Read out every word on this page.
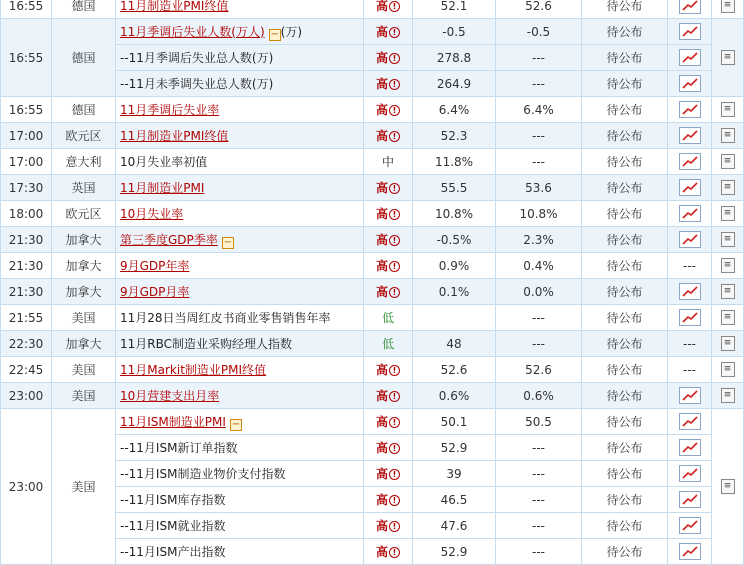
16:55	德国	11月制造业PMI终值	高 !	52.1	52.6	待公布		≡
16:55	德国	11月季调后失业人数(万人) − (万)	高 !	-0.5	-0.5	待公布		≡
		--11月季调后失业总人数(万)	高 !	278.8	---	待公布	

		--11月未季调失业总人数(万)	高 !	264.9	---	待公布	

16:55	德国	11月季调后失业率	高 !	6.4%	6.4%	待公布		≡
17:00	欧元区	11月制造业PMI终值	高 !	52.3	---	待公布		≡
17:00	意大利	10月失业率初值	中	11.8%	---	待公布		≡
17:30	英国	11月制造业PMI	高 !	55.5	53.6	待公布		≡
18:00	欧元区	10月失业率	高 !	10.8%	10.8%	待公布		≡
21:30	加拿大	第三季度GDP季率 −	高 !	-0.5%	2.3%	待公布		≡
21:30	加拿大	9月GDP年率	高 !	0.9%	0.4%	待公布	---	≡
21:30	加拿大	9月GDP月率	高 !	0.1%	0.0%	待公布		≡
21:55	美国	11月28日当周红皮书商业零售销售年率	低		---	待公布		≡
22:30	加拿大	11月RBC制造业采购经理人指数	低	48	---	待公布	---	≡
22:45	美国	11月Markit制造业PMI终值	高 !	52.6	52.6	待公布	---	≡
23:00	美国	10月营建支出月率	高 !	0.6%	0.6%	待公布		≡
23:00	美国	11月ISM制造业PMI −	高 !	50.1	50.5	待公布		≡
		--11月ISM新订单指数	高 !	52.9	---	待公布	

		--11月ISM制造业物价支付指数	高 !	39	---	待公布	

		--11月ISM库存指数	高 !	46.5	---	待公布	

		--11月ISM就业指数	高 !	47.6	---	待公布	

		--11月ISM产出指数	高 !	52.9	---	待公布	
